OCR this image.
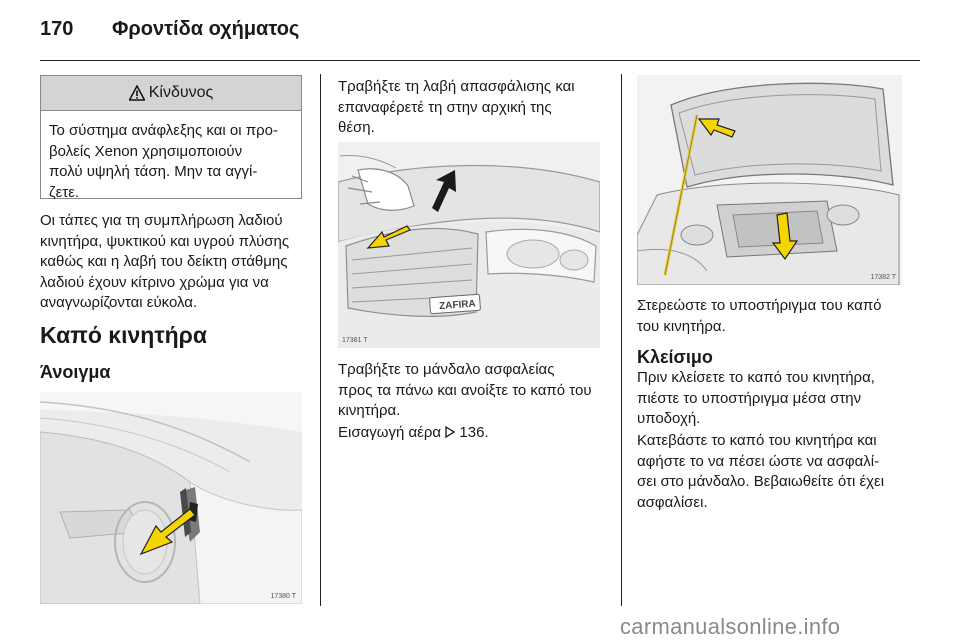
170 Φροντίδα οχήματος
Κίνδυνος
Το σύστημα ανάφλεξης και οι προ-
βολείς Xenon χρησιμοποιούν
πολύ υψηλή τάση. Μην τα αγγί-
ζετε.
Οι τάπες για τη συμπλήρωση λαδιού
κινητήρα, ψυκτικού και υγρού πλύσης
καθώς και η λαβή του δείκτη στάθμης
λαδιού έχουν κίτρινο χρώμα για να
αναγνωρίζονται εύκολα.
Καπό κινητήρα
Άνοιγμα
17380 T
Τραβήξτε τη λαβή απασφάλισης και
επαναφέρετέ τη στην αρχική της
θέση.
ZAFIRA
17381 T
Τραβήξτε το μάνδαλο ασφαλείας
προς τα πάνω και ανοίξτε το καπό του
κινητήρα.
Εισαγωγή αέρα 136.
17382 T
Στερεώστε το υποστήριγμα του καπό
του κινητήρα.
Κλείσιμο
Πριν κλείσετε το καπό του κινητήρα,
πιέστε το υποστήριγμα μέσα στην
υποδοχή.
Κατεβάστε το καπό του κινητήρα και
αφήστε το να πέσει ώστε να ασφαλί-
σει στο μάνδαλο. Βεβαιωθείτε ότι έχει
ασφαλίσει.
carmanualsonline.info
